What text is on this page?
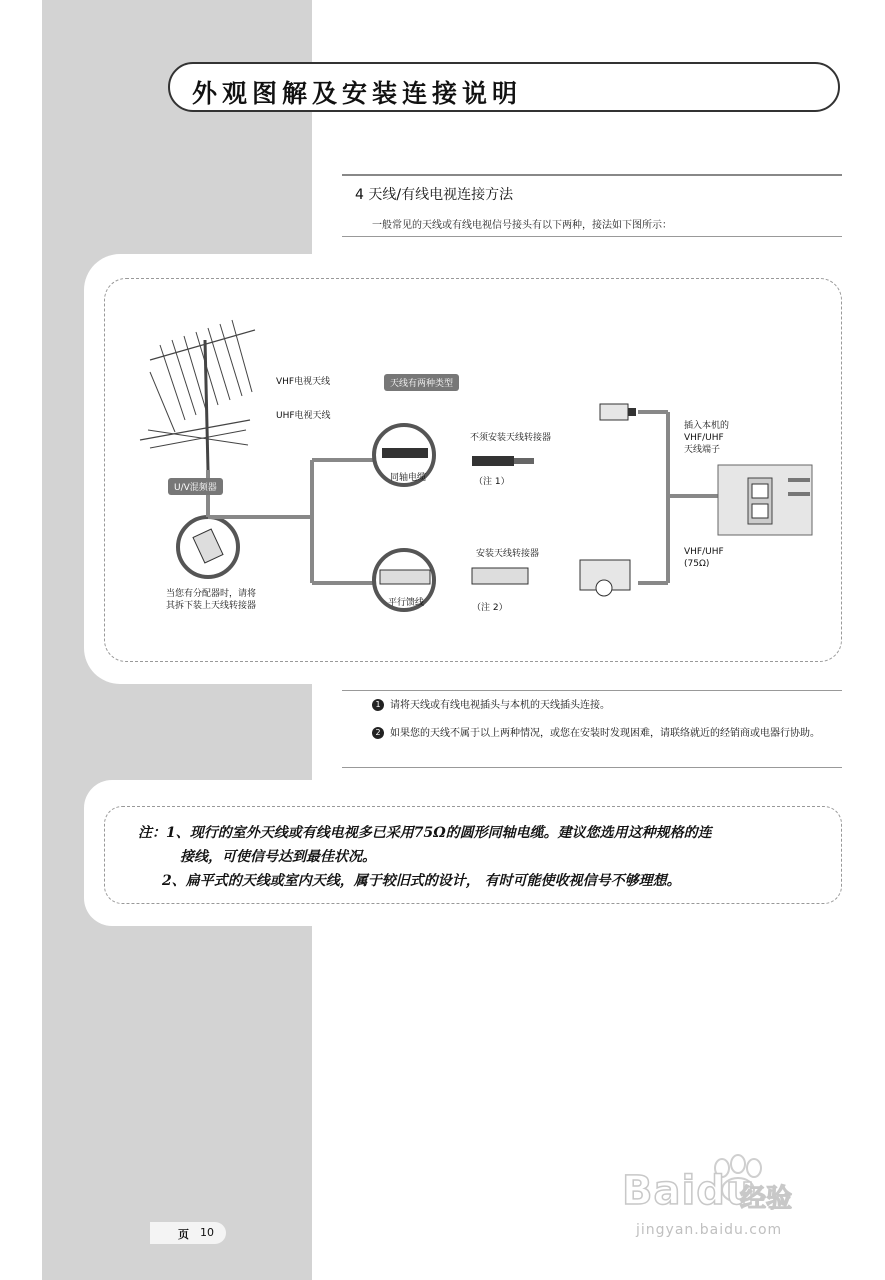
外观图解及安装连接说明
4 天线/有线电视连接方法
一般常见的天线或有线电视信号接头有以下两种，接法如下图所示：
VHF电视天线
UHF电视天线
U/V混频器
当您有分配器时，请将
其拆下装上天线转接器
天线有两种类型
同轴电缆
平行馈线
不须安装天线转接器
（注 1）
安装天线转接器
（注 2）
插入本机的
VHF/UHF
天线端子
VHF/UHF
(75Ω)
1 请将天线或有线电视插头与本机的天线插头连接。
2 如果您的天线不属于以上两种情况，或您在安装时发现困难，请联络就近的经销商或电器行协助。
注：1、现行的室外天线或有线电视多已采用75Ω的圆形同轴电缆。建议您选用这种规格的连
接线，可使信号达到最佳状况。
2、扁平式的天线或室内天线，属于较旧式的设计， 有时可能使收视信号不够理想。
页 10
Baidu
经验
jingyan.baidu.com
